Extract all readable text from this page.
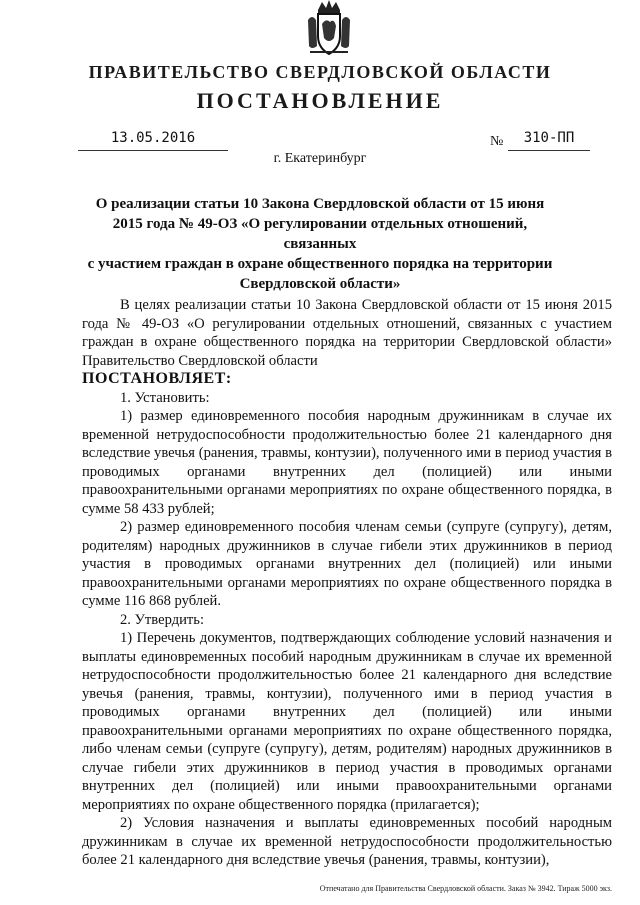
ПРАВИТЕЛЬСТВО СВЕРДЛОВСКОЙ ОБЛАСТИ
ПОСТАНОВЛЕНИЕ
13.05.2016	№	310-ПП
г. Екатеринбург
О реализации статьи 10 Закона Свердловской области от 15 июня
2015 года № 49-ОЗ «О регулировании отдельных отношений, связанных
с участием граждан в охране общественного порядка на территории
Свердловской области»

В целях реализации статьи 10 Закона Свердловской области от 15 июня 2015 года № 49-ОЗ «О регулировании отдельных отношений, связанных с участием граждан в охране общественного порядка на территории Свердловской области» Правительство Свердловской области

ПОСТАНОВЛЯЕТ:

1. Установить:

1) размер единовременного пособия народным дружинникам в случае их временной нетрудоспособности продолжительностью более 21 календарного дня вследствие увечья (ранения, травмы, контузии), полученного ими в период участия в проводимых органами внутренних дел (полицией) или иными правоохранительными органами мероприятиях по охране общественного порядка, в сумме 58 433 рублей;

2) размер единовременного пособия членам семьи (супруге (супругу), детям, родителям) народных дружинников в случае гибели этих дружинников в период участия в проводимых органами внутренних дел (полицией) или иными правоохранительными органами мероприятиях по охране общественного порядка в сумме 116 868 рублей.

2. Утвердить:

1) Перечень документов, подтверждающих соблюдение условий назначения и выплаты единовременных пособий народным дружинникам в случае их временной нетрудоспособности продолжительностью более 21 календарного дня вследствие увечья (ранения, травмы, контузии), полученного ими в период участия в проводимых органами внутренних дел (полицией) или иными правоохранительными органами мероприятиях по охране общественного порядка, либо членам семьи (супруге (супругу), детям, родителям) народных дружинников в случае гибели этих дружинников в период участия в проводимых органами внутренних дел (полицией) или иными правоохранительными органами мероприятиях по охране общественного порядка (прилагается);

2) Условия назначения и выплаты единовременных пособий народным дружинникам в случае их временной нетрудоспособности продолжительностью более 21 календарного дня вследствие увечья (ранения, травмы, контузии),

Отпечатано для Правительства Свердловской области. Заказ № 3942. Тираж 5000 экз.
